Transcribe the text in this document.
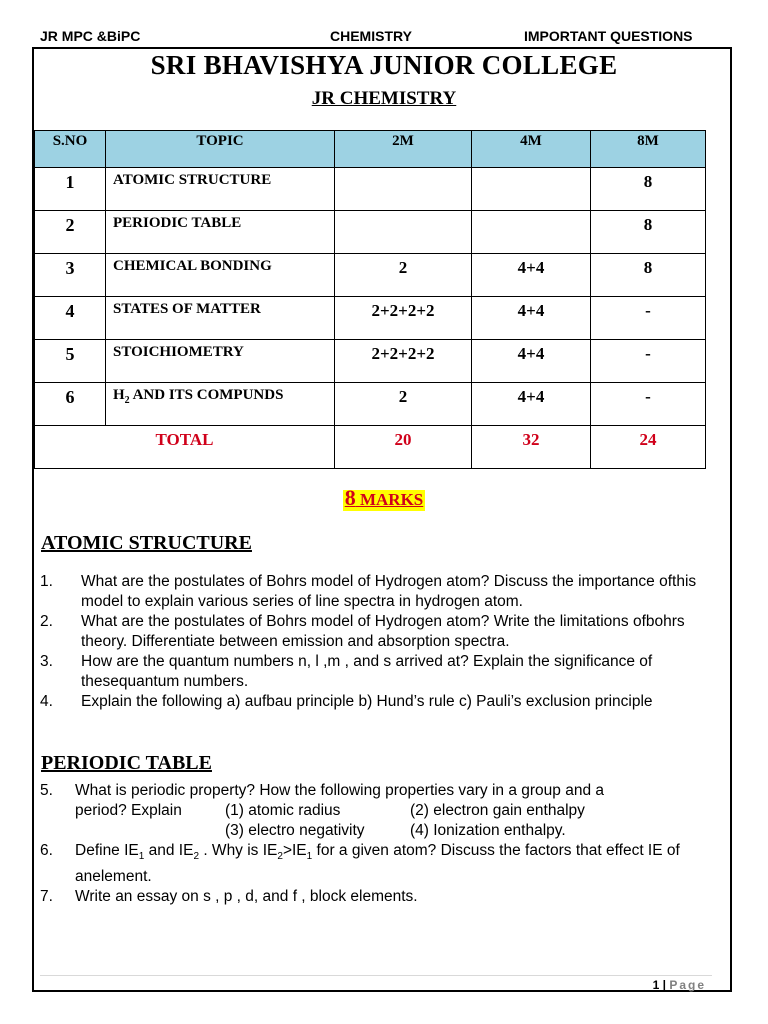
JR MPC &BiPC	CHEMISTRY	IMPORTANT QUESTIONS
SRI BHAVISHYA JUNIOR COLLEGE
JR CHEMISTRY
S.NO	TOPIC	2M	4M	8M
1	ATOMIC STRUCTURE			8
2	PERIODIC TABLE			8
3	CHEMICAL BONDING	2	4+4	8
4	STATES OF MATTER	2+2+2+2	4+4	-
5	STOICHIOMETRY	2+2+2+2	4+4	-
6	$H_2$ AND ITS COMPUNDS	2	4+4	-
TOTAL		20	32	24
8 MARKS
ATOMIC STRUCTURE
1. What are the postulates of Bohrs model of Hydrogen atom? Discuss the importance ofthis model to explain various series of line spectra in hydrogen atom.
2. What are the postulates of Bohrs model of Hydrogen atom? Write the limitations ofbohrs theory. Differentiate between emission and absorption spectra.
3. How are the quantum numbers n, l ,m , and s arrived at? Explain the significance of thesequantum numbers.
4. Explain the following a) aufbau principle b) Hund’s rule c) Pauli’s exclusion principle
PERIODIC TABLE
5. What is periodic property? How the following properties vary in a group and a
period? Explain	(1) atomic radius	(2) electron gain enthalpy
(3) electro negativity	(4) Ionization enthalpy.
6. Define $IE_1$ and $IE_2$ . Why is $IE_2>IE_1$ for a given atom? Discuss the factors that effect IE of anelement.
7. Write an essay on s , p , d, and f , block elements.
1 | Page
